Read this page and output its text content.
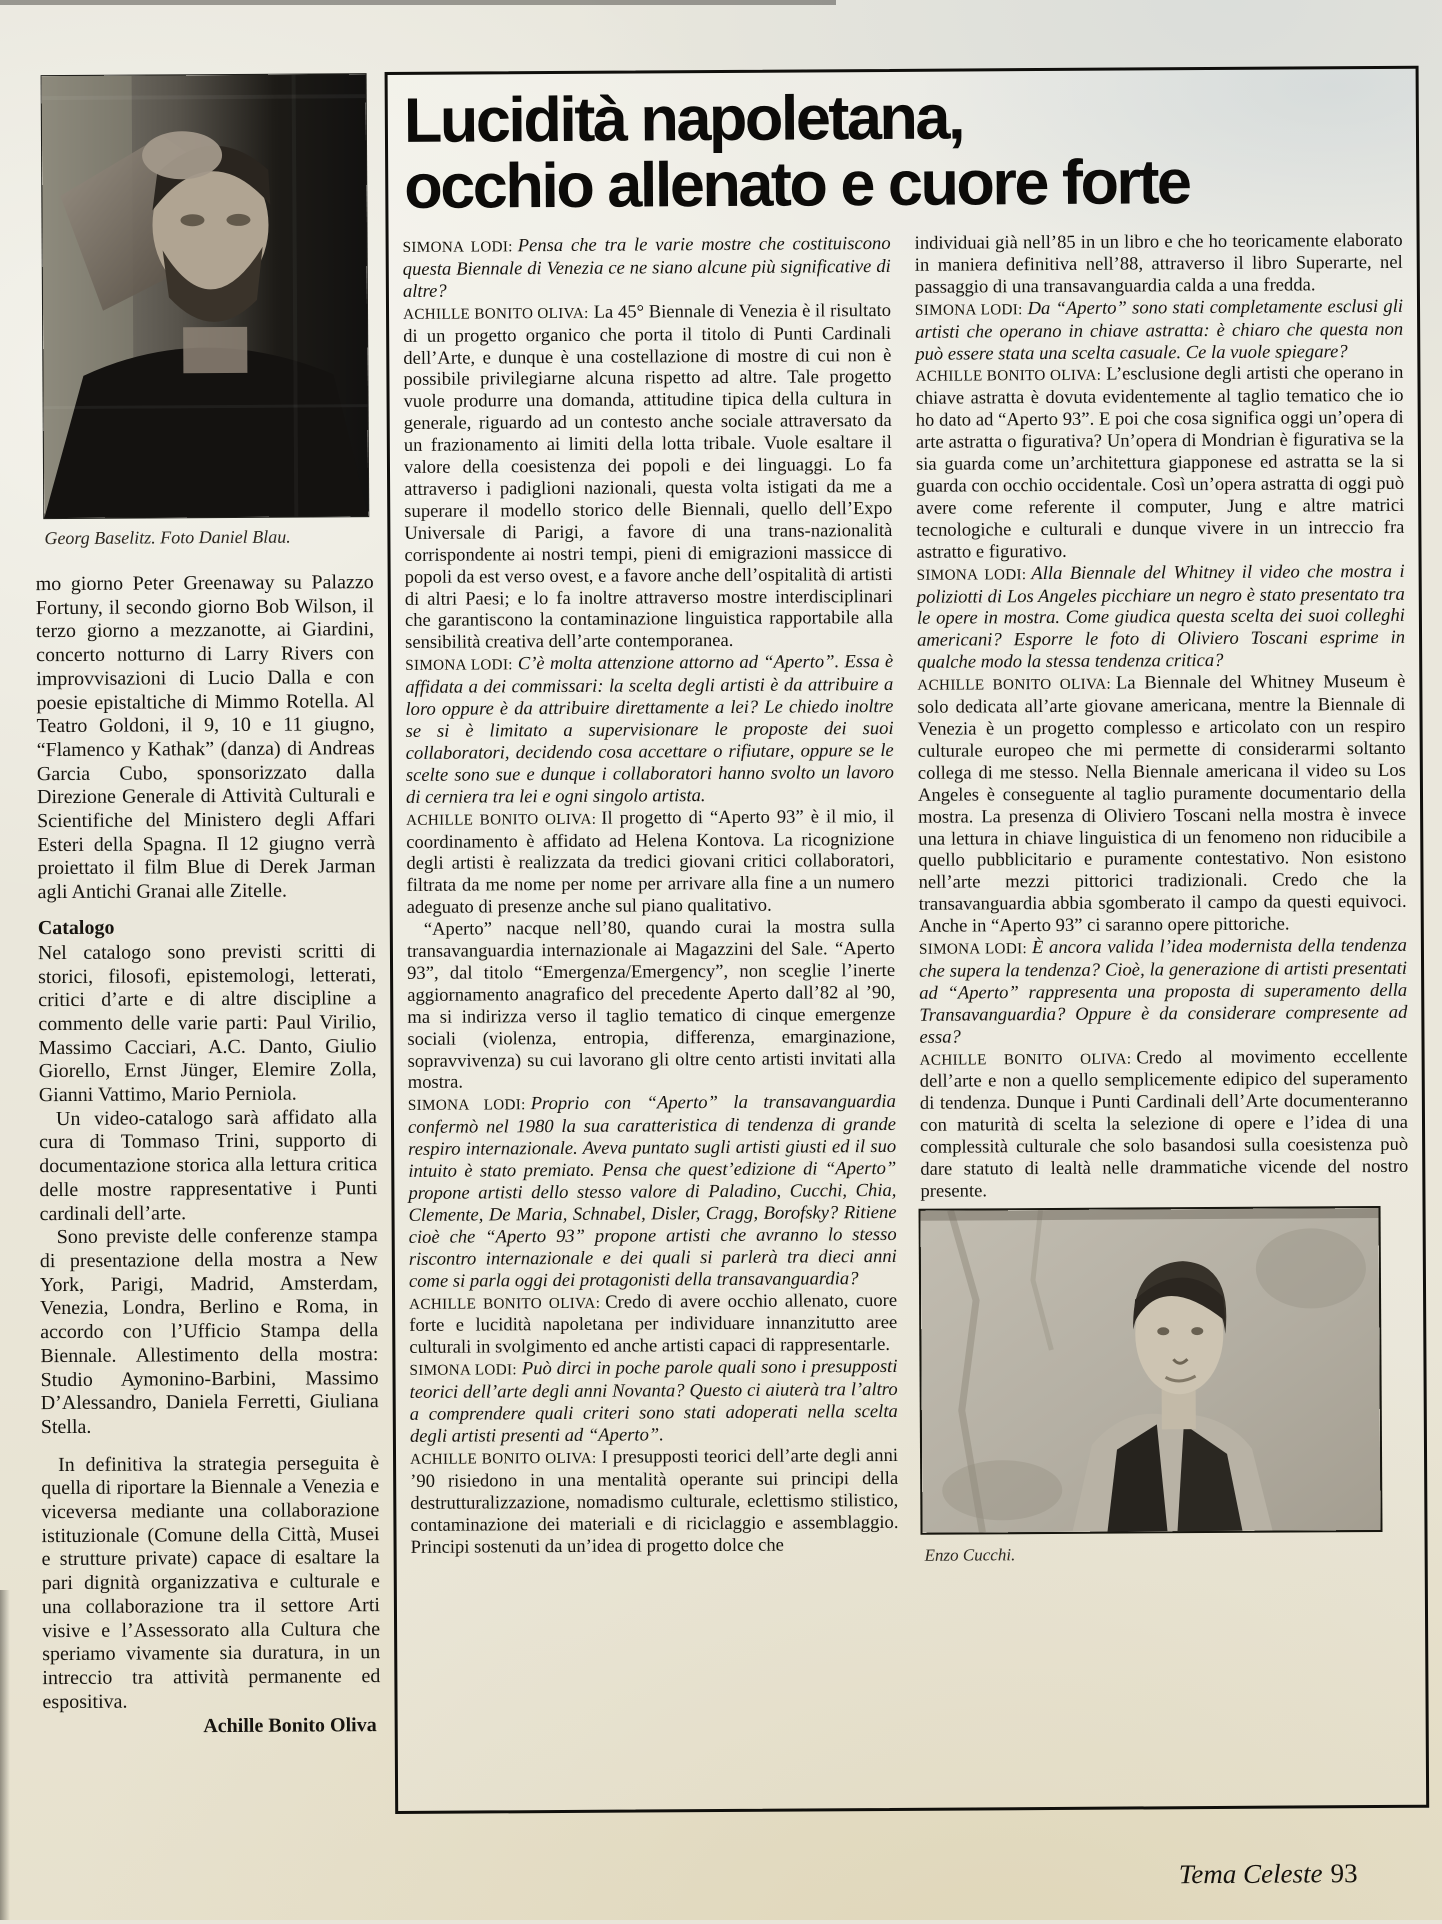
Georg Baselitz. Foto Daniel Blau.

mo giorno Peter Greenaway su Palazzo Fortuny, il secondo giorno Bob Wilson, il terzo giorno a mezzanotte, ai Giardini, concerto notturno di Larry Rivers con improvvisazioni di Lucio Dalla e con poesie epistaltiche di Mimmo Rotella. Al Teatro Goldoni, il 9, 10 e 11 giugno, “Flamenco y Kathak” (danza) di Andreas Garcia Cubo, sponsorizzato dalla Direzione Generale di Attività Culturali e Scientifiche del Ministero degli Affari Esteri della Spagna. Il 12 giugno verrà proiettato il film Blue di Derek Jarman agli Antichi Granai alle Zitelle.

Catalogo

Nel catalogo sono previsti scritti di storici, filosofi, epistemologi, letterati, critici d’arte e di altre discipline a commento delle varie parti: Paul Virilio, Massimo Cacciari, A.C. Danto, Giulio Giorello, Ernst Jünger, Elemire Zolla, Gianni Vattimo, Mario Perniola.

Un video-catalogo sarà affidato alla cura di Tommaso Trini, supporto di documentazione storica alla lettura critica delle mostre rappresentative i Punti cardinali dell’arte.

Sono previste delle conferenze stampa di presentazione della mostra a New York, Parigi, Madrid, Amsterdam, Venezia, Londra, Berlino e Roma, in accordo con l’Ufficio Stampa della Biennale. Allestimento della mostra: Studio Aymonino-Barbini, Massimo D’Alessandro, Daniela Ferretti, Giuliana Stella.

In definitiva la strategia perseguita è quella di riportare la Biennale a Venezia e viceversa mediante una collaborazione istituzionale (Comune della Città, Musei e strutture private) capace di esaltare la pari dignità organizzativa e culturale e una collaborazione tra il settore Arti visive e l’Assessorato alla Cultura che speriamo vivamente sia duratura, in un intreccio tra attività permanente ed espositiva.

Achille Bonito Oliva

Lucidità napoletana,
occhio allenato e cuore forte

SIMONA LODI: Pensa che tra le varie mostre che costituiscono questa Biennale di Venezia ce ne siano alcune più significative di altre?

ACHILLE BONITO OLIVA: La 45° Biennale di Venezia è il risultato di un progetto organico che porta il titolo di Punti Cardinali dell’Arte, e dunque è una costellazione di mostre di cui non è possibile privilegiarne alcuna rispetto ad altre. Tale progetto vuole produrre una domanda, attitudine tipica della cultura in generale, riguardo ad un contesto anche sociale attraversato da un frazionamento ai limiti della lotta tribale. Vuole esaltare il valore della coesistenza dei popoli e dei linguaggi. Lo fa attraverso i padiglioni nazionali, questa volta istigati da me a superare il modello storico delle Biennali, quello dell’Expo Universale di Parigi, a favore di una trans-nazionalità corrispondente ai nostri tempi, pieni di emigrazioni massicce di popoli da est verso ovest, e a favore anche dell’ospitalità di artisti di altri Paesi; e lo fa inoltre attraverso mostre interdisciplinari che garantiscono la contaminazione linguistica rapportabile alla sensibilità creativa dell’arte contemporanea.

SIMONA LODI: C’è molta attenzione attorno ad “Aperto”. Essa è affidata a dei commissari: la scelta degli artisti è da attribuire a loro oppure è da attribuire direttamente a lei? Le chiedo inoltre se si è limitato a supervisionare le proposte dei suoi collaboratori, decidendo cosa accettare o rifiutare, oppure se le scelte sono sue e dunque i collaboratori hanno svolto un lavoro di cerniera tra lei e ogni singolo artista.

ACHILLE BONITO OLIVA: Il progetto di “Aperto 93” è il mio, il coordinamento è affidato ad Helena Kontova. La ricognizione degli artisti è realizzata da tredici giovani critici collaboratori, filtrata da me nome per nome per arrivare alla fine a un numero adeguato di presenze anche sul piano qualitativo.

“Aperto” nacque nell’80, quando curai la mostra sulla transavanguardia internazionale ai Magazzini del Sale. “Aperto 93”, dal titolo “Emergenza/Emergency”, non sceglie l’inerte aggiornamento anagrafico del precedente Aperto dall’82 al ’90, ma si indirizza verso il taglio tematico di cinque emergenze sociali (violenza, entropia, differenza, emarginazione, sopravvivenza) su cui lavorano gli oltre cento artisti invitati alla mostra.

SIMONA LODI: Proprio con “Aperto” la transavanguardia confermò nel 1980 la sua caratteristica di tendenza di grande respiro internazionale. Aveva puntato sugli artisti giusti ed il suo intuito è stato premiato. Pensa che quest’edizione di “Aperto” propone artisti dello stesso valore di Paladino, Cucchi, Chia, Clemente, De Maria, Schnabel, Disler, Cragg, Borofsky? Ritiene cioè che “Aperto 93” propone artisti che avranno lo stesso riscontro internazionale e dei quali si parlerà tra dieci anni come si parla oggi dei protagonisti della transavanguardia?

ACHILLE BONITO OLIVA: Credo di avere occhio allenato, cuore forte e lucidità napoletana per individuare innanzitutto aree culturali in svolgimento ed anche artisti capaci di rappresentarle.

SIMONA LODI: Può dirci in poche parole quali sono i presupposti teorici dell’arte degli anni Novanta? Questo ci aiuterà tra l’altro a comprendere quali criteri sono stati adoperati nella scelta degli artisti presenti ad “Aperto”.

ACHILLE BONITO OLIVA: I presupposti teorici dell’arte degli anni ’90 risiedono in una mentalità operante sui principi della destrutturalizzazione, nomadismo culturale, eclettismo stilistico, contaminazione dei materiali e di riciclaggio e assemblaggio. Principi sostenuti da un’idea di progetto dolce che

individuai già nell’85 in un libro e che ho teoricamente elaborato in maniera definitiva nell’88, attraverso il libro Superarte, nel passaggio di una transavanguardia calda a una fredda.

SIMONA LODI: Da “Aperto” sono stati completamente esclusi gli artisti che operano in chiave astratta: è chiaro che questa non può essere stata una scelta casuale. Ce la vuole spiegare?

ACHILLE BONITO OLIVA: L’esclusione degli artisti che operano in chiave astratta è dovuta evidentemente al taglio tematico che io ho dato ad “Aperto 93”. E poi che cosa significa oggi un’opera di arte astratta o figurativa? Un’opera di Mondrian è figurativa se la sia guarda come un’architettura giapponese ed astratta se la si guarda con occhio occidentale. Così un’opera astratta di oggi può avere come referente il computer, Jung e altre matrici tecnologiche e culturali e dunque vivere in un intreccio fra astratto e figurativo.

SIMONA LODI: Alla Biennale del Whitney il video che mostra i poliziotti di Los Angeles picchiare un negro è stato presentato tra le opere in mostra. Come giudica questa scelta dei suoi colleghi americani? Esporre le foto di Oliviero Toscani esprime in qualche modo la stessa tendenza critica?

ACHILLE BONITO OLIVA: La Biennale del Whitney Museum è solo dedicata all’arte giovane americana, mentre la Biennale di Venezia è un progetto complesso e articolato con un respiro culturale europeo che mi permette di considerarmi soltanto collega di me stesso. Nella Biennale americana il video su Los Angeles è conseguente al taglio puramente documentario della mostra. La presenza di Oliviero Toscani nella mostra è invece una lettura in chiave linguistica di un fenomeno non riducibile a quello pubblicitario e puramente contestativo. Non esistono nell’arte mezzi pittorici tradizionali. Credo che la transavanguardia abbia sgomberato il campo da questi equivoci. Anche in “Aperto 93” ci saranno opere pittoriche.

SIMONA LODI: È ancora valida l’idea modernista della tendenza che supera la tendenza? Cioè, la generazione di artisti presentati ad “Aperto” rappresenta una proposta di superamento della Transavanguardia? Oppure è da considerare compresente ad essa?

ACHILLE BONITO OLIVA: Credo al movimento eccellente dell’arte e non a quello semplicemente edipico del superamento di tendenza. Dunque i Punti Cardinali dell’Arte documenteranno con maturità di scelta la selezione di opere e l’idea di una complessità culturale che solo basandosi sulla coesistenza può dare statuto di lealtà nelle drammatiche vicende del nostro presente.

Enzo Cucchi.

Tema Celeste 93
